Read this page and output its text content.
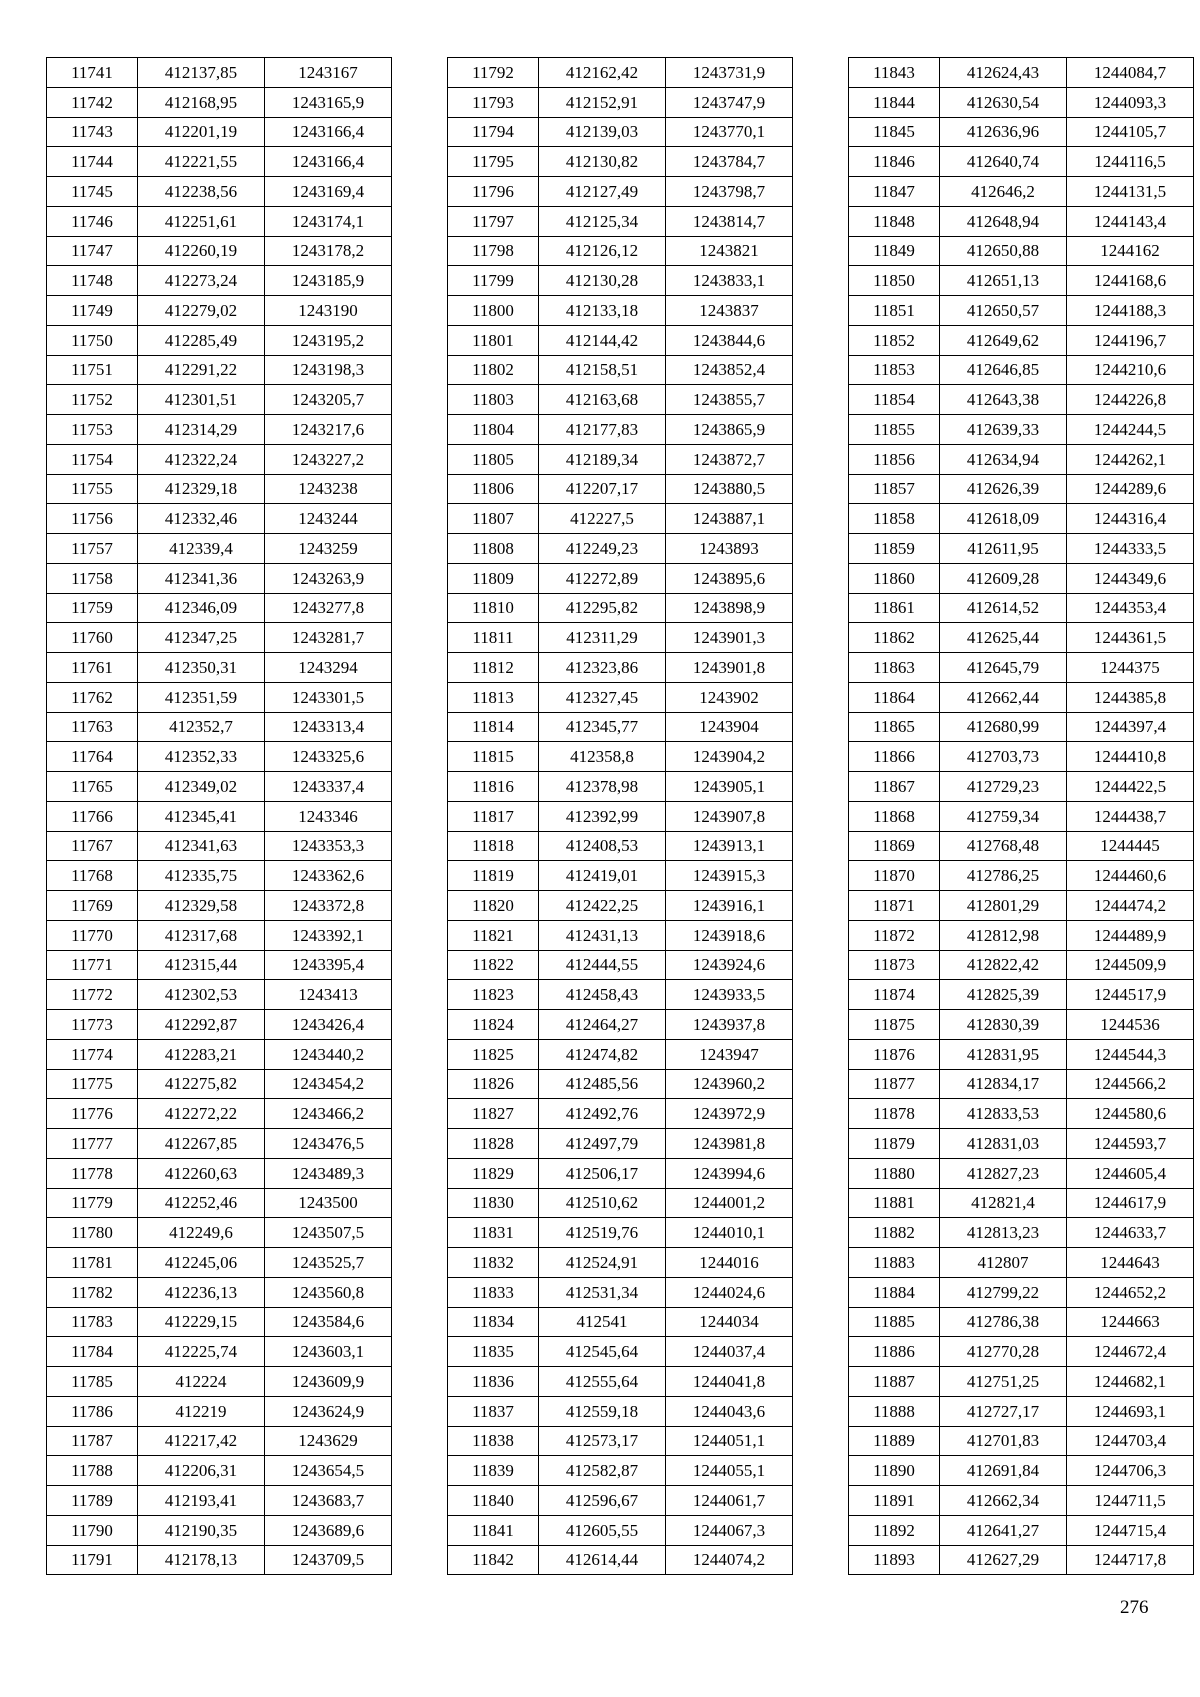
11741	412137,85	1243167
11742	412168,95	1243165,9
11743	412201,19	1243166,4
11744	412221,55	1243166,4
11745	412238,56	1243169,4
11746	412251,61	1243174,1
11747	412260,19	1243178,2
11748	412273,24	1243185,9
11749	412279,02	1243190
11750	412285,49	1243195,2
11751	412291,22	1243198,3
11752	412301,51	1243205,7
11753	412314,29	1243217,6
11754	412322,24	1243227,2
11755	412329,18	1243238
11756	412332,46	1243244
11757	412339,4	1243259
11758	412341,36	1243263,9
11759	412346,09	1243277,8
11760	412347,25	1243281,7
11761	412350,31	1243294
11762	412351,59	1243301,5
11763	412352,7	1243313,4
11764	412352,33	1243325,6
11765	412349,02	1243337,4
11766	412345,41	1243346
11767	412341,63	1243353,3
11768	412335,75	1243362,6
11769	412329,58	1243372,8
11770	412317,68	1243392,1
11771	412315,44	1243395,4
11772	412302,53	1243413
11773	412292,87	1243426,4
11774	412283,21	1243440,2
11775	412275,82	1243454,2
11776	412272,22	1243466,2
11777	412267,85	1243476,5
11778	412260,63	1243489,3
11779	412252,46	1243500
11780	412249,6	1243507,5
11781	412245,06	1243525,7
11782	412236,13	1243560,8
11783	412229,15	1243584,6
11784	412225,74	1243603,1
11785	412224	1243609,9
11786	412219	1243624,9
11787	412217,42	1243629
11788	412206,31	1243654,5
11789	412193,41	1243683,7
11790	412190,35	1243689,6
11791	412178,13	1243709,5
11792	412162,42	1243731,9
11793	412152,91	1243747,9
11794	412139,03	1243770,1
11795	412130,82	1243784,7
11796	412127,49	1243798,7
11797	412125,34	1243814,7
11798	412126,12	1243821
11799	412130,28	1243833,1
11800	412133,18	1243837
11801	412144,42	1243844,6
11802	412158,51	1243852,4
11803	412163,68	1243855,7
11804	412177,83	1243865,9
11805	412189,34	1243872,7
11806	412207,17	1243880,5
11807	412227,5	1243887,1
11808	412249,23	1243893
11809	412272,89	1243895,6
11810	412295,82	1243898,9
11811	412311,29	1243901,3
11812	412323,86	1243901,8
11813	412327,45	1243902
11814	412345,77	1243904
11815	412358,8	1243904,2
11816	412378,98	1243905,1
11817	412392,99	1243907,8
11818	412408,53	1243913,1
11819	412419,01	1243915,3
11820	412422,25	1243916,1
11821	412431,13	1243918,6
11822	412444,55	1243924,6
11823	412458,43	1243933,5
11824	412464,27	1243937,8
11825	412474,82	1243947
11826	412485,56	1243960,2
11827	412492,76	1243972,9
11828	412497,79	1243981,8
11829	412506,17	1243994,6
11830	412510,62	1244001,2
11831	412519,76	1244010,1
11832	412524,91	1244016
11833	412531,34	1244024,6
11834	412541	1244034
11835	412545,64	1244037,4
11836	412555,64	1244041,8
11837	412559,18	1244043,6
11838	412573,17	1244051,1
11839	412582,87	1244055,1
11840	412596,67	1244061,7
11841	412605,55	1244067,3
11842	412614,44	1244074,2
11843	412624,43	1244084,7
11844	412630,54	1244093,3
11845	412636,96	1244105,7
11846	412640,74	1244116,5
11847	412646,2	1244131,5
11848	412648,94	1244143,4
11849	412650,88	1244162
11850	412651,13	1244168,6
11851	412650,57	1244188,3
11852	412649,62	1244196,7
11853	412646,85	1244210,6
11854	412643,38	1244226,8
11855	412639,33	1244244,5
11856	412634,94	1244262,1
11857	412626,39	1244289,6
11858	412618,09	1244316,4
11859	412611,95	1244333,5
11860	412609,28	1244349,6
11861	412614,52	1244353,4
11862	412625,44	1244361,5
11863	412645,79	1244375
11864	412662,44	1244385,8
11865	412680,99	1244397,4
11866	412703,73	1244410,8
11867	412729,23	1244422,5
11868	412759,34	1244438,7
11869	412768,48	1244445
11870	412786,25	1244460,6
11871	412801,29	1244474,2
11872	412812,98	1244489,9
11873	412822,42	1244509,9
11874	412825,39	1244517,9
11875	412830,39	1244536
11876	412831,95	1244544,3
11877	412834,17	1244566,2
11878	412833,53	1244580,6
11879	412831,03	1244593,7
11880	412827,23	1244605,4
11881	412821,4	1244617,9
11882	412813,23	1244633,7
11883	412807	1244643
11884	412799,22	1244652,2
11885	412786,38	1244663
11886	412770,28	1244672,4
11887	412751,25	1244682,1
11888	412727,17	1244693,1
11889	412701,83	1244703,4
11890	412691,84	1244706,3
11891	412662,34	1244711,5
11892	412641,27	1244715,4
11893	412627,29	1244717,8
276
